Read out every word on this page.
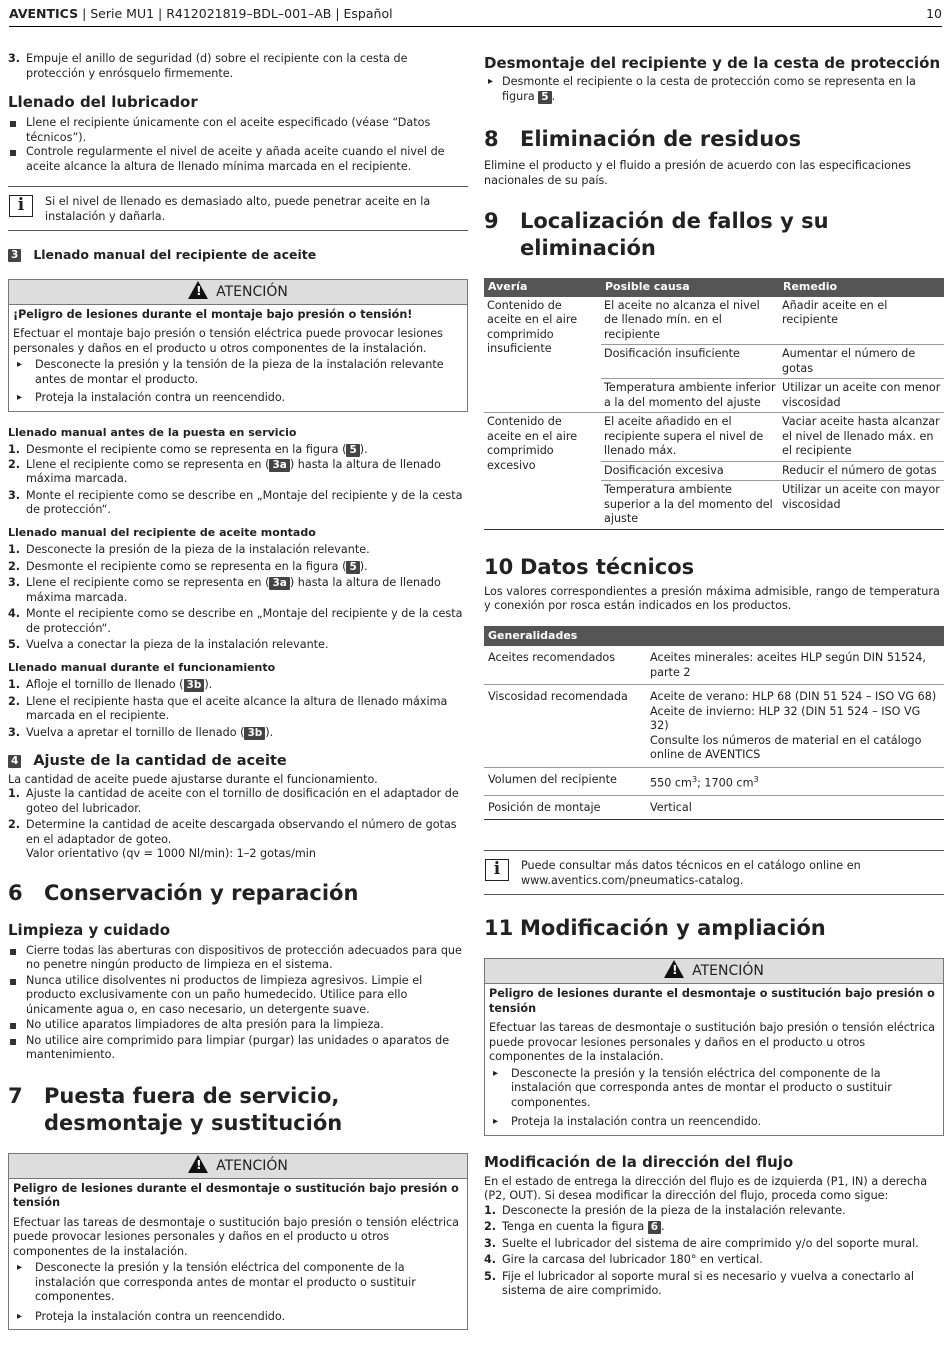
AVENTICS | Serie MU1 | R412021819–BDL–001–AB | Español	10
3. Empuje el anillo de seguridad (d) sobre el recipiente con la cesta de protección y enrósquelo firmemente.
Llenado del lubricador
Llene el recipiente únicamente con el aceite especificado (véase “Datos técnicos”).
Controle regularmente el nivel de aceite y añada aceite cuando el nivel de aceite alcance la altura de llenado mínima marcada en el recipiente.
i	Si el nivel de llenado es demasiado alto, puede penetrar aceite en la instalación y dañarla.
3 Llenado manual del recipiente de aceite
!ATENCIÓN

¡Peligro de lesiones durante el montaje bajo presión o tensión!

Efectuar el montaje bajo presión o tensión eléctrica puede provocar lesiones personales y daños en el producto u otros componentes de la instalación.

▸ Desconecte la presión y la tensión de la pieza de la instalación relevante antes de montar el producto.
▸ Proteja la instalación contra un reencendido.
Llenado manual antes de la puesta en servicio
1. Desmonte el recipiente como se representa en la figura ( 5 ).
2. Llene el recipiente como se representa en ( 3a ) hasta la altura de llenado máxima marcada.
3. Monte el recipiente como se describe en „Montaje del recipiente y de la cesta de protección“.
Llenado manual del recipiente de aceite montado
1. Desconecte la presión de la pieza de la instalación relevante.
2. Desmonte el recipiente como se representa en la figura ( 5 ).
3. Llene el recipiente como se representa en ( 3a ) hasta la altura de llenado máxima marcada.
4. Monte el recipiente como se describe en „Montaje del recipiente y de la cesta de protección“.
5. Vuelva a conectar la pieza de la instalación relevante.
Llenado manual durante el funcionamiento
1. Afloje el tornillo de llenado ( 3b ).
2. Llene el recipiente hasta que el aceite alcance la altura de llenado máxima marcada en el recipiente.
3. Vuelva a apretar el tornillo de llenado ( 3b ).
4 Ajuste de la cantidad de aceite

La cantidad de aceite puede ajustarse durante el funcionamiento.

1. Ajuste la cantidad de aceite con el tornillo de dosificación en el adaptador de goteo del lubricador.
2. Determine la cantidad de aceite descargada observando el número de gotas en el adaptador de goteo.
Valor orientativo (qv = 1000 Nl/min): 1–2 gotas/min
6	Conservación y reparación
Limpieza y cuidado
Cierre todas las aberturas con dispositivos de protección adecuados para que no penetre ningún producto de limpieza en el sistema.
Nunca utilice disolventes ni productos de limpieza agresivos. Limpie el producto exclusivamente con un paño humedecido. Utilice para ello únicamente agua o, en caso necesario, un detergente suave.
No utilice aparatos limpiadores de alta presión para la limpieza.
No utilice aire comprimido para limpiar (purgar) las unidades o aparatos de mantenimiento.
7	Puesta fuera de servicio, desmontaje y sustitución
!ATENCIÓN

Peligro de lesiones durante el desmontaje o sustitución bajo presión o tensión

Efectuar las tareas de desmontaje o sustitución bajo presión o tensión eléctrica puede provocar lesiones personales y daños en el producto u otros componentes de la instalación.

▸ Desconecte la presión y la tensión eléctrica del componente de la instalación que corresponda antes de montar el producto o sustituir componentes.
▸ Proteja la instalación contra un reencendido.
Desmontaje del recipiente y de la cesta de protección
▸ Desmonte el recipiente o la cesta de protección como se representa en la figura 5 .
8	Eliminación de residuos

Elimine el producto y el fluido a presión de acuerdo con las especificaciones nacionales de su país.

9	Localización de fallos y su eliminación
Avería	Posible causa	Remedio
Contenido de aceite en el aire comprimido insuficiente	El aceite no alcanza el nivel de llenado mín. en el recipiente	Añadir aceite en el recipiente
	Dosificación insuficiente	Aumentar el número de gotas
	Temperatura ambiente inferior a la del momento del ajuste	Utilizar un aceite con menor viscosidad
Contenido de aceite en el aire comprimido excesivo	El aceite añadido en el recipiente supera el nivel de llenado máx.	Vaciar aceite hasta alcanzar el nivel de llenado máx. en el recipiente
	Dosificación excesiva	Reducir el número de gotas
	Temperatura ambiente superior a la del momento del ajuste	Utilizar un aceite con mayor viscosidad
10 Datos técnicos

Los valores correspondientes a presión máxima admisible, rango de temperatura y conexión por rosca están indicados en los productos.

Generalidades	
Aceites recomendados	Aceites minerales: aceites HLP según DIN 51524, parte 2
Viscosidad recomendada	Aceite de verano: HLP 68 (DIN 51 524 – ISO VG 68)
Aceite de invierno: HLP 32 (DIN 51 524 – ISO VG 32)
Consulte los números de material en el catálogo online de AVENTICS

Volumen del recipiente	550 $cm^3$; 1700 $cm^3$
Posición de montaje	Vertical
i	Puede consultar más datos técnicos en el catálogo online en www.aventics.com/pneumatics-catalog.
11 Modificación y ampliación
!ATENCIÓN

Peligro de lesiones durante el desmontaje o sustitución bajo presión o tensión

Efectuar las tareas de desmontaje o sustitución bajo presión o tensión eléctrica puede provocar lesiones personales y daños en el producto u otros componentes de la instalación.

▸ Desconecte la presión y la tensión eléctrica del componente de la instalación que corresponda antes de montar el producto o sustituir componentes.
▸ Proteja la instalación contra un reencendido.
Modificación de la dirección del flujo

En el estado de entrega la dirección del flujo es de izquierda (P1, IN) a derecha (P2, OUT). Si desea modificar la dirección del flujo, proceda como sigue:

1. Desconecte la presión de la pieza de la instalación relevante.
2. Tenga en cuenta la figura 6 .
3. Suelte el lubricador del sistema de aire comprimido y/o del soporte mural.
4. Gire la carcasa del lubricador 180° en vertical.
5. Fije el lubricador al soporte mural si es necesario y vuelva a conectarlo al sistema de aire comprimido.
